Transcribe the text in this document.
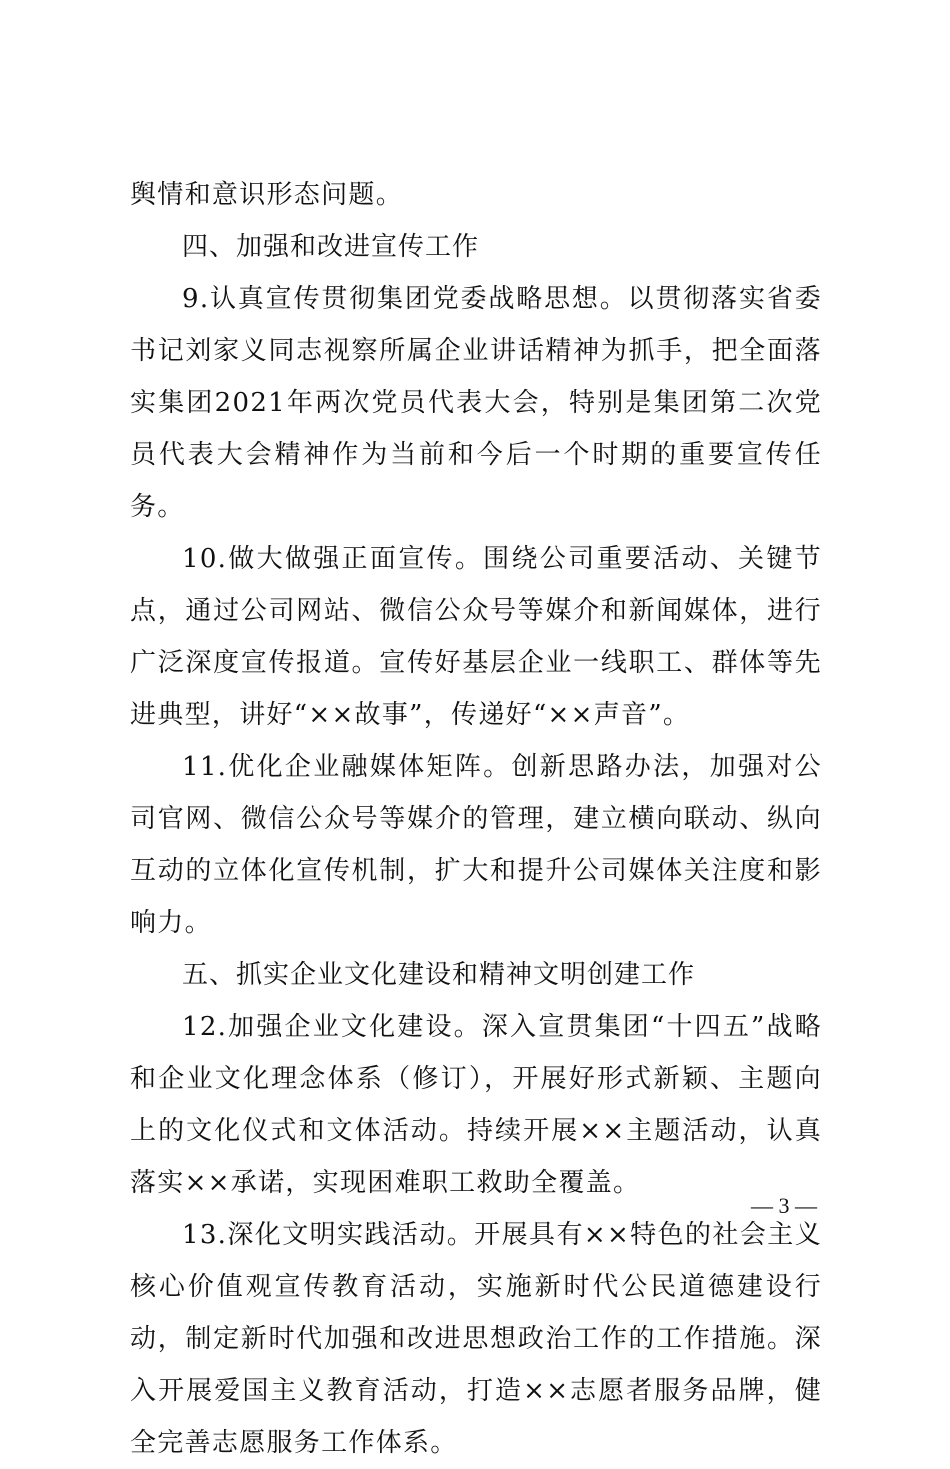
舆情和意识形态问题。

四、加强和改进宣传工作

9.认真宣传贯彻集团党委战略思想。以贯彻落实省委书记刘家义同志视察所属企业讲话精神为抓手，把全面落实集团2021年两次党员代表大会，特别是集团第二次党员代表大会精神作为当前和今后一个时期的重要宣传任务。

10.做大做强正面宣传。围绕公司重要活动、关键节点，通过公司网站、微信公众号等媒介和新闻媒体，进行广泛深度宣传报道。宣传好基层企业一线职工、群体等先进典型，讲好“××故事”，传递好“××声音”。

11.优化企业融媒体矩阵。创新思路办法，加强对公司官网、微信公众号等媒介的管理，建立横向联动、纵向互动的立体化宣传机制，扩大和提升公司媒体关注度和影响力。

五、抓实企业文化建设和精神文明创建工作

12.加强企业文化建设。深入宣贯集团“十四五”战略和企业文化理念体系（修订），开展好形式新颖、主题向上的文化仪式和文体活动。持续开展××主题活动，认真落实××承诺，实现困难职工救助全覆盖。

13.深化文明实践活动。开展具有××特色的社会主义核心价值观宣传教育活动，实施新时代公民道德建设行动，制定新时代加强和改进思想政治工作的工作措施。深入开展爱国主义教育活动，打造××志愿者服务品牌，健全完善志愿服务工作体系。

— 3 —
